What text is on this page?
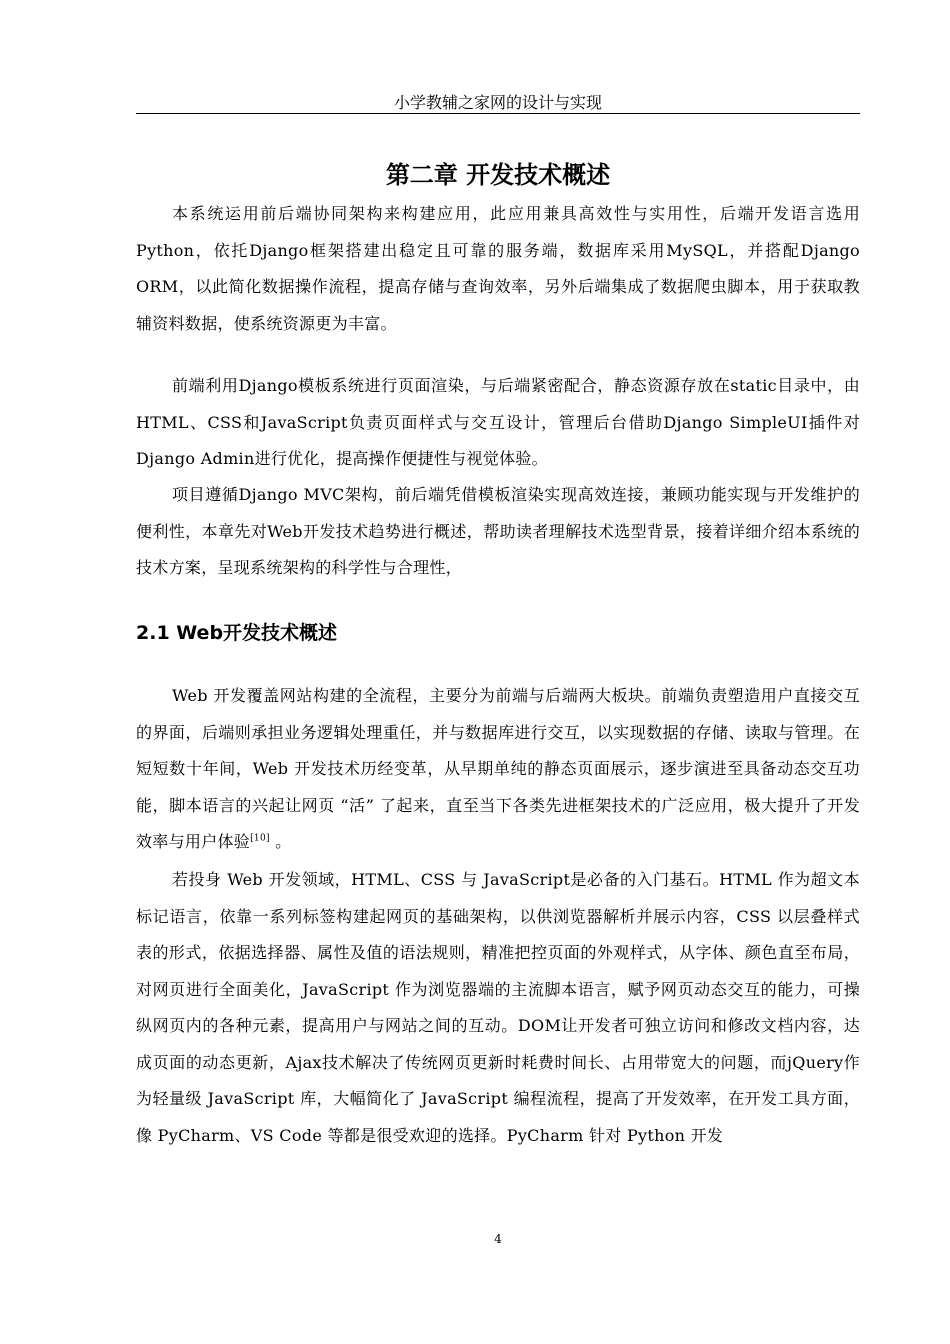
小学教辅之家网的设计与实现
第二章 开发技术概述

本系统运用前后端协同架构来构建应用，此应用兼具高效性与实用性，后端开发语言选用Python，依托Django框架搭建出稳定且可靠的服务端，数据库采用MySQL，并搭配Django ORM，以此简化数据操作流程，提高存储与查询效率，另外后端集成了数据爬虫脚本，用于获取教辅资料数据，使系统资源更为丰富。

前端利用Django模板系统进行页面渲染，与后端紧密配合，静态资源存放在static目录中，由HTML、CSS和JavaScript负责页面样式与交互设计，管理后台借助Django SimpleUI插件对Django Admin进行优化，提高操作便捷性与视觉体验。

项目遵循Django MVC架构，前后端凭借模板渲染实现高效连接，兼顾功能实现与开发维护的便利性，本章先对Web开发技术趋势进行概述，帮助读者理解技术选型背景，接着详细介绍本系统的技术方案，呈现系统架构的科学性与合理性，

2.1 Web开发技术概述

Web 开发覆盖网站构建的全流程，主要分为前端与后端两大板块。前端负责塑造用户直接交互的界面，后端则承担业务逻辑处理重任，并与数据库进行交互，以实现数据的存储、读取与管理。在短短数十年间，Web 开发技术历经变革，从早期单纯的静态页面展示，逐步演进至具备动态交互功能，脚本语言的兴起让网页 “活” 了起来，直至当下各类先进框架技术的广泛应用，极大提升了开发效率与用户体验[10] 。

若投身 Web 开发领域，HTML、CSS 与 JavaScript是必备的入门基石。HTML 作为超文本标记语言，依靠一系列标签构建起网页的基础架构，以供浏览器解析并展示内容，CSS 以层叠样式表的形式，依据选择器、属性及值的语法规则，精准把控页面的外观样式，从字体、颜色直至布局，对网页进行全面美化，JavaScript 作为浏览器端的主流脚本语言，赋予网页动态交互的能力，可操纵网页内的各种元素，提高用户与网站之间的互动。DOM让开发者可独立访问和修改文档内容，达成页面的动态更新，Ajax技术解决了传统网页更新时耗费时间长、占用带宽大的问题，而jQuery作为轻量级 JavaScript 库，大幅简化了 JavaScript 编程流程，提高了开发效率，在开发工具方面，像 PyCharm、VS Code 等都是很受欢迎的选择。PyCharm 针对 Python 开发

4
